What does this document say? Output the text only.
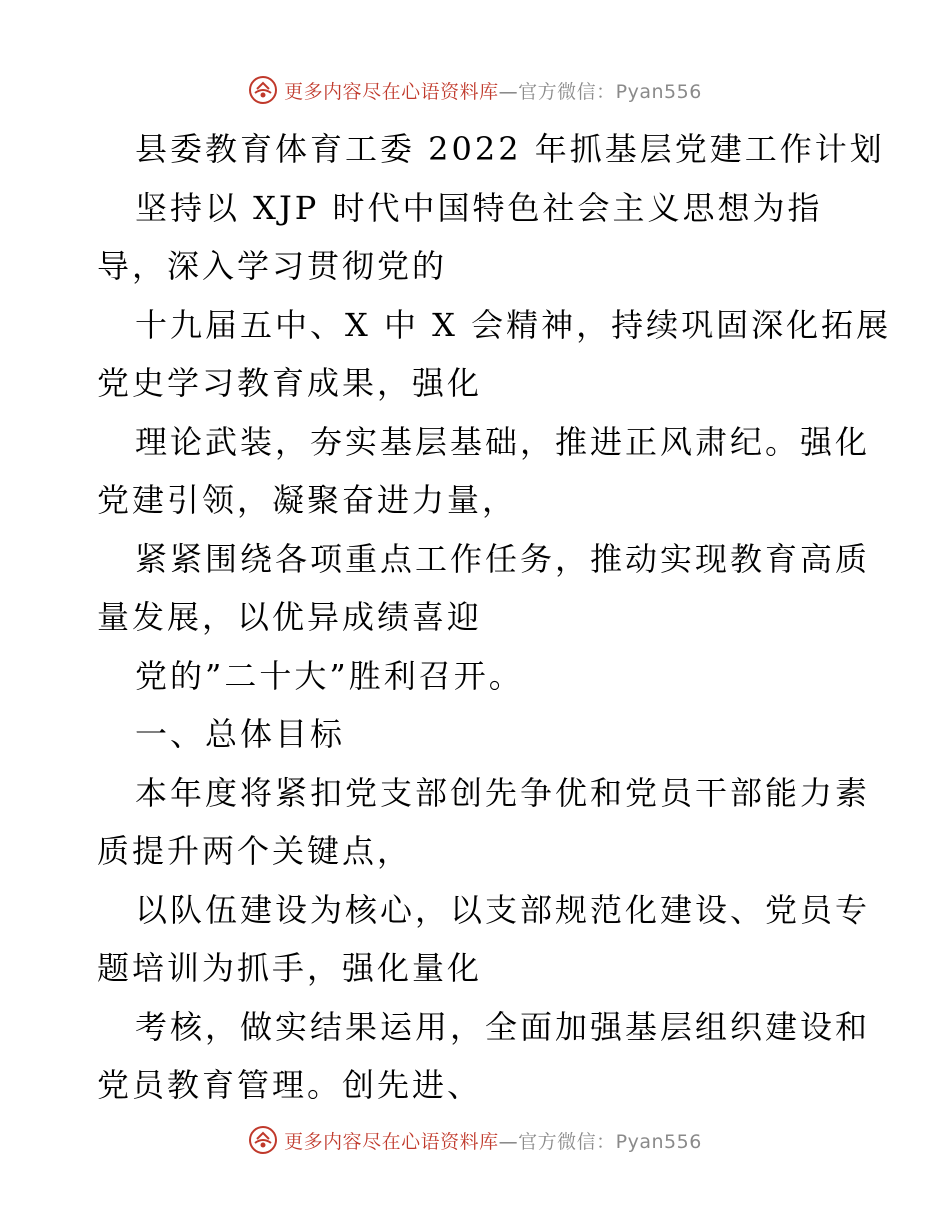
更多内容尽在心语资料库—官方微信：Pyan556
县委教育体育工委 2022 年抓基层党建工作计划
坚持以 XJP 时代中国特色社会主义思想为指
导，深入学习贯彻党的
十九届五中、X 中 X 会精神，持续巩固深化拓展
党史学习教育成果，强化
理论武装，夯实基层基础，推进正风肃纪。强化
党建引领，凝聚奋进力量，
紧紧围绕各项重点工作任务，推动实现教育高质
量发展，以优异成绩喜迎
党的”二十大”胜利召开。
一、总体目标
本年度将紧扣党支部创先争优和党员干部能力素
质提升两个关键点，
以队伍建设为核心，以支部规范化建设、党员专
题培训为抓手，强化量化
考核，做实结果运用，全面加强基层组织建设和
党员教育管理。创先进、
更多内容尽在心语资料库—官方微信：Pyan556
